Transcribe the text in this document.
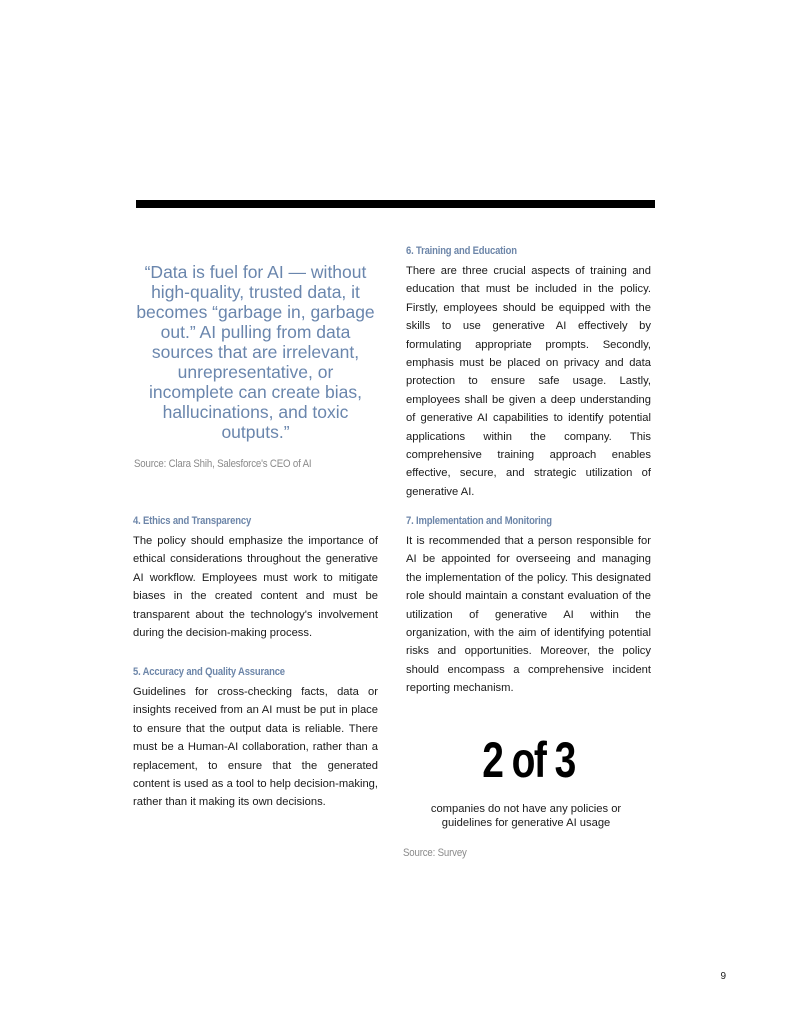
“Data is fuel for AI — without high-quality, trusted data, it becomes “garbage in, garbage out.” AI pulling from data sources that are irrelevant, unrepresentative, or incomplete can create bias, hallucinations, and toxic outputs.”
Source: Clara Shih, Salesforce's CEO of AI
4. Ethics and Transparency

The policy should emphasize the importance of ethical considerations throughout the generative AI workflow. Employees must work to mitigate biases in the created content and must be transparent about the technology's involvement during the decision-making process.

5. Accuracy and Quality Assurance

Guidelines for cross-checking facts, data or insights received from an AI must be put in place to ensure that the output data is reliable. There must be a Human-AI collaboration, rather than a replacement, to ensure that the generated content is used as a tool to help decision-making, rather than it making its own decisions.

6. Training and Education

There are three crucial aspects of training and education that must be included in the policy. Firstly, employees should be equipped with the skills to use generative AI effectively by formulating appropriate prompts. Secondly, emphasis must be placed on privacy and data protection to ensure safe usage. Lastly, employees shall be given a deep understanding of generative AI capabilities to identify potential applications within the company. This comprehensive training approach enables effective, secure, and strategic utilization of generative AI.

7. Implementation and Monitoring

It is recommended that a person responsible for AI be appointed for overseeing and managing the implementation of the policy. This designated role should maintain a constant evaluation of the utilization of generative AI within the organization, with the aim of identifying potential risks and opportunities. Moreover, the policy should encompass a comprehensive incident reporting mechanism.

2 of 3
companies do not have any policies or guidelines for generative AI usage
Source: Survey
9
